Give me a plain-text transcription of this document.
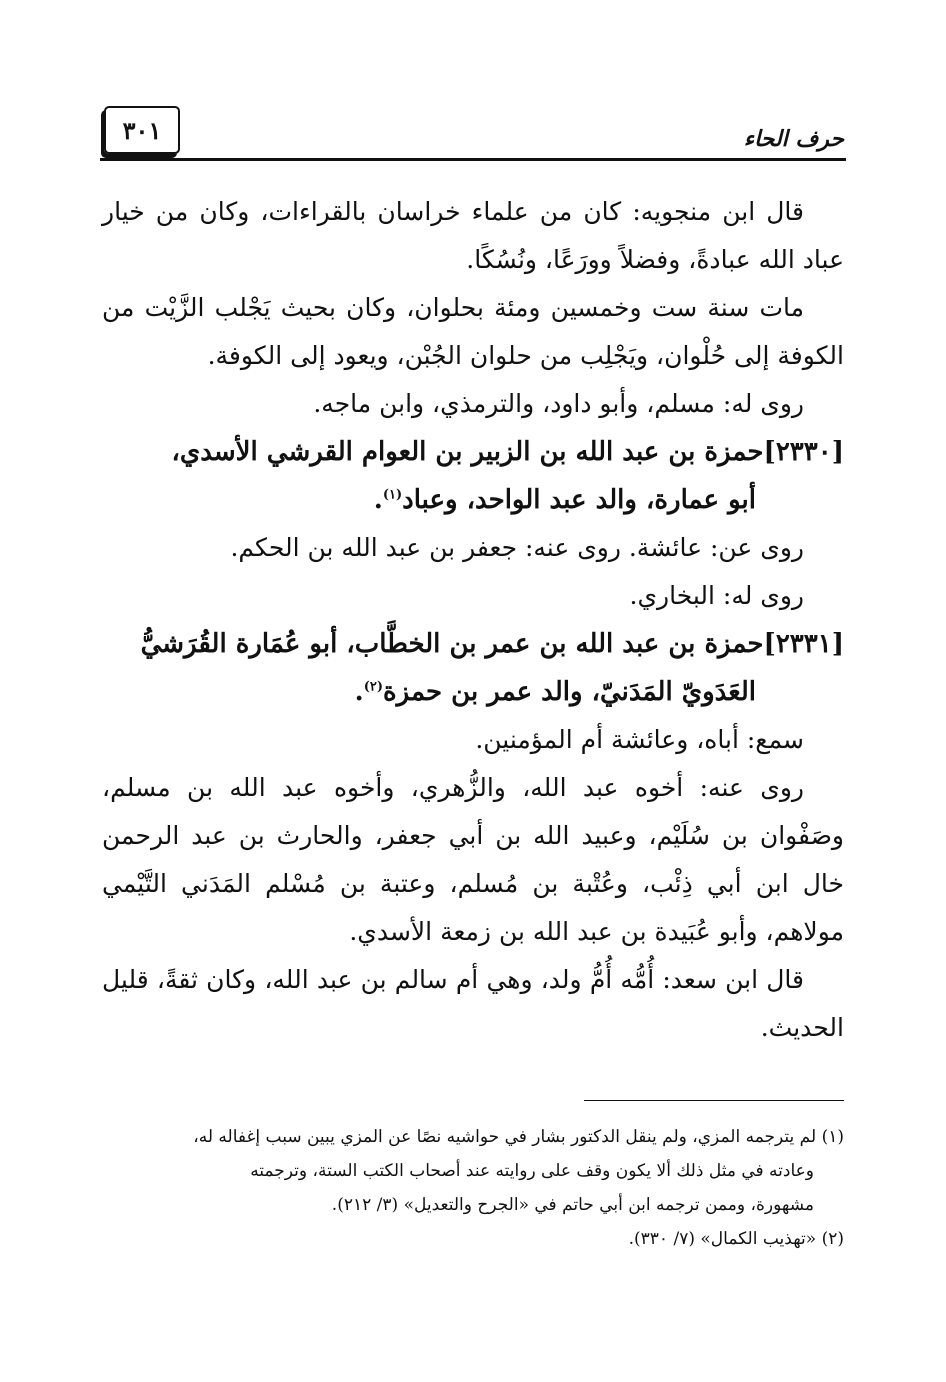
حرف الحاء
٣٠١

قال ابن منجويه: كان من علماء خراسان بالقراءات، وكان من خيار عباد الله عبادةً، وفضلاً وورَعًا، ونُسُكًا.

مات سنة ست وخمسين ومئة بحلوان، وكان بحيث يَجْلب الزَّيْت من الكوفة إلى حُلْوان، ويَجْلِب من حلوان الجُبْن، ويعود إلى الكوفة.

روى له: مسلم، وأبو داود، والترمذي، وابن ماجه.

[٢٣٣٠]حمزة بن عبد الله بن الزبير بن العوام القرشي الأسدي،
أبو عمارة، والد عبد الواحد، وعباد$^{(١)}$.

روى عن: عائشة. روى عنه: جعفر بن عبد الله بن الحكم.

روى له: البخاري.

[٢٣٣١]حمزة بن عبد الله بن عمر بن الخطَّاب، أبو عُمَارة القُرَشيُّ
العَدَويّ المَدَنيّ، والد عمر بن حمزة$^{(٢)}$.

سمع: أباه، وعائشة أم المؤمنين.

روى عنه: أخوه عبد الله، والزُّهري، وأخوه عبد الله بن مسلم، وصَفْوان بن سُلَيْم، وعبيد الله بن أبي جعفر، والحارث بن عبد الرحمن خال ابن أبي ذِئْب، وعُتْبة بن مُسلم، وعتبة بن مُسْلم المَدَني التَّيْمي مولاهم، وأبو عُبَيدة بن عبد الله بن زمعة الأسدي.

قال ابن سعد: أُمُّه أُمُّ ولد، وهي أم سالم بن عبد الله، وكان ثقةً، قليل الحديث.

(١) لم يترجمه المزي، ولم ينقل الدكتور بشار في حواشيه نصًا عن المزي يبين سبب إغفاله له،
وعادته في مثل ذلك ألا يكون وقف على روايته عند أصحاب الكتب الستة، وترجمته
مشهورة، وممن ترجمه ابن أبي حاتم في «الجرح والتعديل» (٣/ ٢١٢).

(٢) «تهذيب الكمال» (٧/ ٣٣٠).
